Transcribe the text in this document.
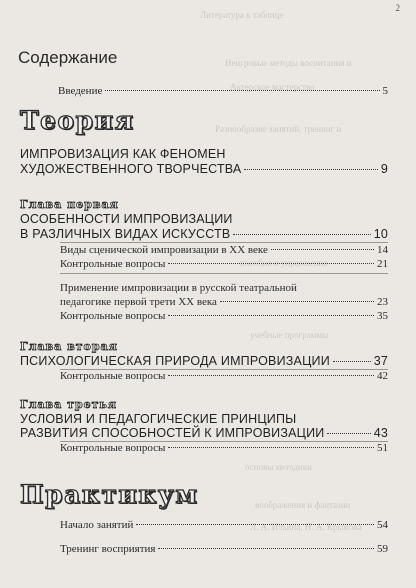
Литература к таблице
Неигровые методы воспитания и
Актерское мастерство
Разнообразие занятий, тренинг и
пособия и упражнения
учебные программы
основы методики
воображения и фантазии
Л. А. Ильина, Н. А. Крымова
2
Содержание
Введение	5
Теория
ИМПРОВИЗАЦИЯ КАК ФЕНОМЕН
ХУДОЖЕСТВЕННОГО ТВОРЧЕСТВА	9
Глава первая
ОСОБЕННОСТИ ИМПРОВИЗАЦИИ
В РАЗЛИЧНЫХ ВИДАХ ИСКУССТВ	10
Виды сценической импровизации в XX веке	14
Контрольные вопросы	21
Применение импровизации в русской театральной
педагогике первой трети XX века	23
Контрольные вопросы	35
Глава вторая
ПСИХОЛОГИЧЕСКАЯ ПРИРОДА ИМПРОВИЗАЦИИ	37
Контрольные вопросы	42
Глава третья
УСЛОВИЯ И ПЕДАГОГИЧЕСКИЕ ПРИНЦИПЫ
РАЗВИТИЯ СПОСОБНОСТЕЙ К ИМПРОВИЗАЦИИ	43
Контрольные вопросы	51
Практикум
Начало занятий	54
Тренинг восприятия	59
